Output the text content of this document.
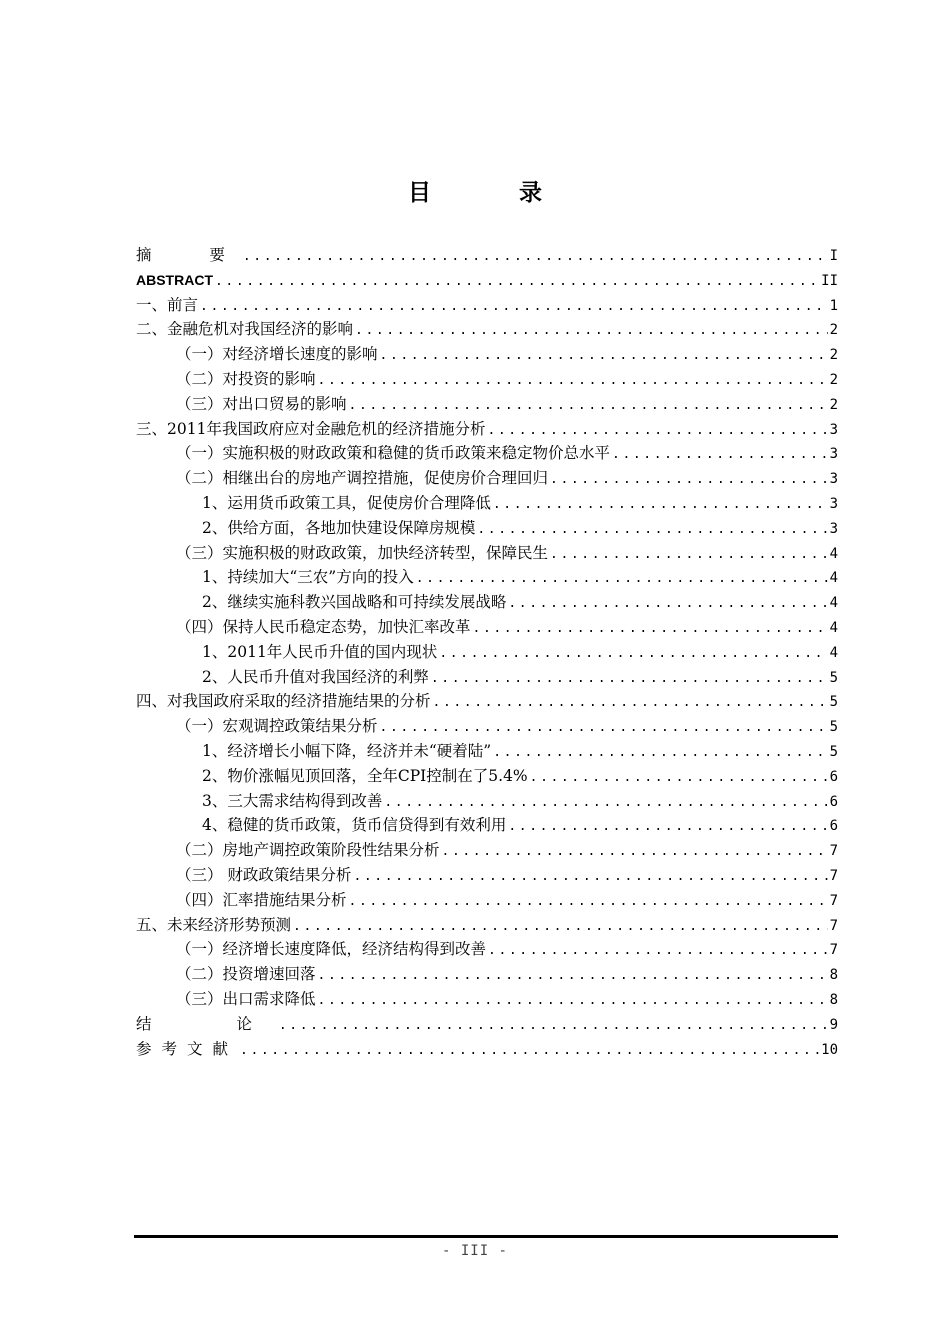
目 录
摘  要 .....	I
ABSTRACT .....	II
一、前言 .....	1
二、金融危机对我国经济的影响 .....	2
（一）对经济增长速度的影响 .....	2
（二）对投资的影响 .....	2
（三）对出口贸易的影响 .....	2
三、2011年我国政府应对金融危机的经济措施分析 .....	3
（一）实施积极的财政政策和稳健的货币政策来稳定物价总水平 .....	3
（二）相继出台的房地产调控措施，促使房价合理回归 .....	3
1、运用货币政策工具，促使房价合理降低 .....	3
2、供给方面，各地加快建设保障房规模 .....	3
（三）实施积极的财政政策，加快经济转型，保障民生 .....	4
1、持续加大“三农”方向的投入 .....	4
2、继续实施科教兴国战略和可持续发展战略 .....	4
（四）保持人民币稳定态势，加快汇率改革 .....	4
1、2011年人民币升值的国内现状 .....	4
2、人民币升值对我国经济的利弊 .....	5
四、对我国政府采取的经济措施结果的分析 .....	5
（一）宏观调控政策结果分析 .....	5
1、经济增长小幅下降，经济并未“硬着陆” .....	5
2、物价涨幅见顶回落，全年CPI控制在了5.4% .....	6
3、三大需求结构得到改善 .....	6
4、稳健的货币政策，货币信贷得到有效利用 .....	6
（二）房地产调控政策阶段性结果分析 .....	7
（三） 财政政策结果分析 .....	7
（四）汇率措施结果分析 .....	7
五、未来经济形势预测 .....	7
（一）经济增长速度降低，经济结构得到改善 .....	7
（二）投资增速回落 .....	8
（三）出口需求降低 .....	8
结  论 .....	9
参考文献 .....	10
- III -
